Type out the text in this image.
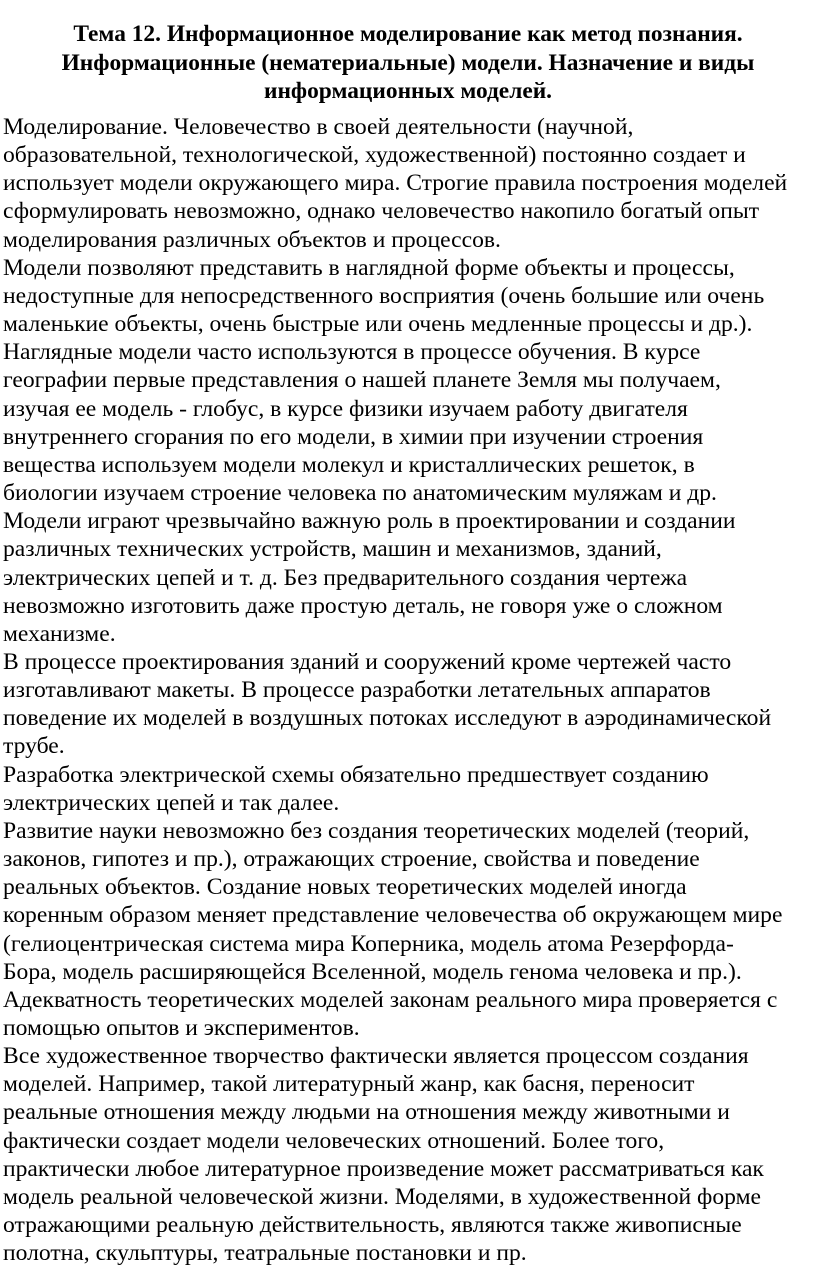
Тема 12. Информационное моделирование как метод познания.
Информационные (нематериальные) модели. Назначение и виды
информационных моделей.
Моделирование. Человечество в своей деятельности (научной,
образовательной, технологической, художественной) постоянно создает и
использует модели окружающего мира. Строгие правила построения моделей
сформулировать невозможно, однако человечество накопило богатый опыт
моделирования различных объектов и процессов.
Модели позволяют представить в наглядной форме объекты и процессы,
недоступные для непосредственного восприятия (очень большие или очень
маленькие объекты, очень быстрые или очень медленные процессы и др.).
Наглядные модели часто используются в процессе обучения. В курсе
географии первые представления о нашей планете Земля мы получаем,
изучая ее модель - глобус, в курсе физики изучаем работу двигателя
внутреннего сгорания по его модели, в химии при изучении строения
вещества используем модели молекул и кристаллических решеток, в
биологии изучаем строение человека по анатомическим муляжам и др.
Модели играют чрезвычайно важную роль в проектировании и создании
различных технических устройств, машин и механизмов, зданий,
электрических цепей и т. д. Без предварительного создания чертежа
невозможно изготовить даже простую деталь, не говоря уже о сложном
механизме.
В процессе проектирования зданий и сооружений кроме чертежей часто
изготавливают макеты. В процессе разработки летательных аппаратов
поведение их моделей в воздушных потоках исследуют в аэродинамической
трубе.
Разработка электрической схемы обязательно предшествует созданию
электрических цепей и так далее.
Развитие науки невозможно без создания теоретических моделей (теорий,
законов, гипотез и пр.), отражающих строение, свойства и поведение
реальных объектов. Создание новых теоретических моделей иногда
коренным образом меняет представление человечества об окружающем мире
(гелиоцентрическая система мира Коперника, модель атома Резерфорда-
Бора, модель расширяющейся Вселенной, модель генома человека и пр.).
Адекватность теоретических моделей законам реального мира проверяется с
помощью опытов и экспериментов.
Все художественное творчество фактически является процессом создания
моделей. Например, такой литературный жанр, как басня, переносит
реальные отношения между людьми на отношения между животными и
фактически создает модели человеческих отношений. Более того,
практически любое литературное произведение может рассматриваться как
модель реальной человеческой жизни. Моделями, в художественной форме
отражающими реальную действительность, являются также живописные
полотна, скульптуры, театральные постановки и пр.
